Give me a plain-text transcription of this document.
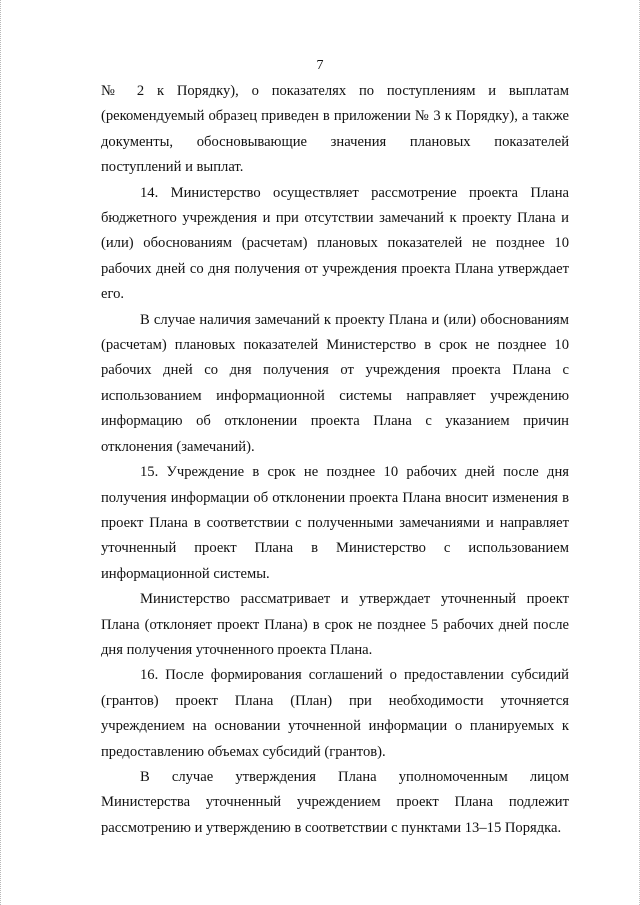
7

№ 2 к Порядку), о показателях по поступлениям и выплатам (рекомендуемый образец приведен в приложении № 3 к Порядку), а также документы, обосновывающие значения плановых показателей поступлений и выплат.

14. Министерство осуществляет рассмотрение проекта Плана бюджетного учреждения и при отсутствии замечаний к проекту Плана и (или) обоснованиям (расчетам) плановых показателей не позднее 10 рабочих дней со дня получения от учреждения проекта Плана утверждает его.

В случае наличия замечаний к проекту Плана и (или) обоснованиям (расчетам) плановых показателей Министерство в срок не позднее 10 рабочих дней со дня получения от учреждения проекта Плана с использованием информационной системы направляет учреждению информацию об отклонении проекта Плана с указанием причин отклонения (замечаний).

15. Учреждение в срок не позднее 10 рабочих дней после дня получения информации об отклонении проекта Плана вносит изменения в проект Плана в соответствии с полученными замечаниями и направляет уточненный проект Плана в Министерство с использованием информационной системы.

Министерство рассматривает и утверждает уточненный проект Плана (отклоняет проект Плана) в срок не позднее 5 рабочих дней после дня получения уточненного проекта Плана.

16. После формирования соглашений о предоставлении субсидий (грантов) проект Плана (План) при необходимости уточняется учреждением на основании уточненной информации о планируемых к предоставлению объемах субсидий (грантов).

В случае утверждения Плана уполномоченным лицом Министерства уточненный учреждением проект Плана подлежит рассмотрению и утверждению в соответствии с пунктами 13–15 Порядка.
